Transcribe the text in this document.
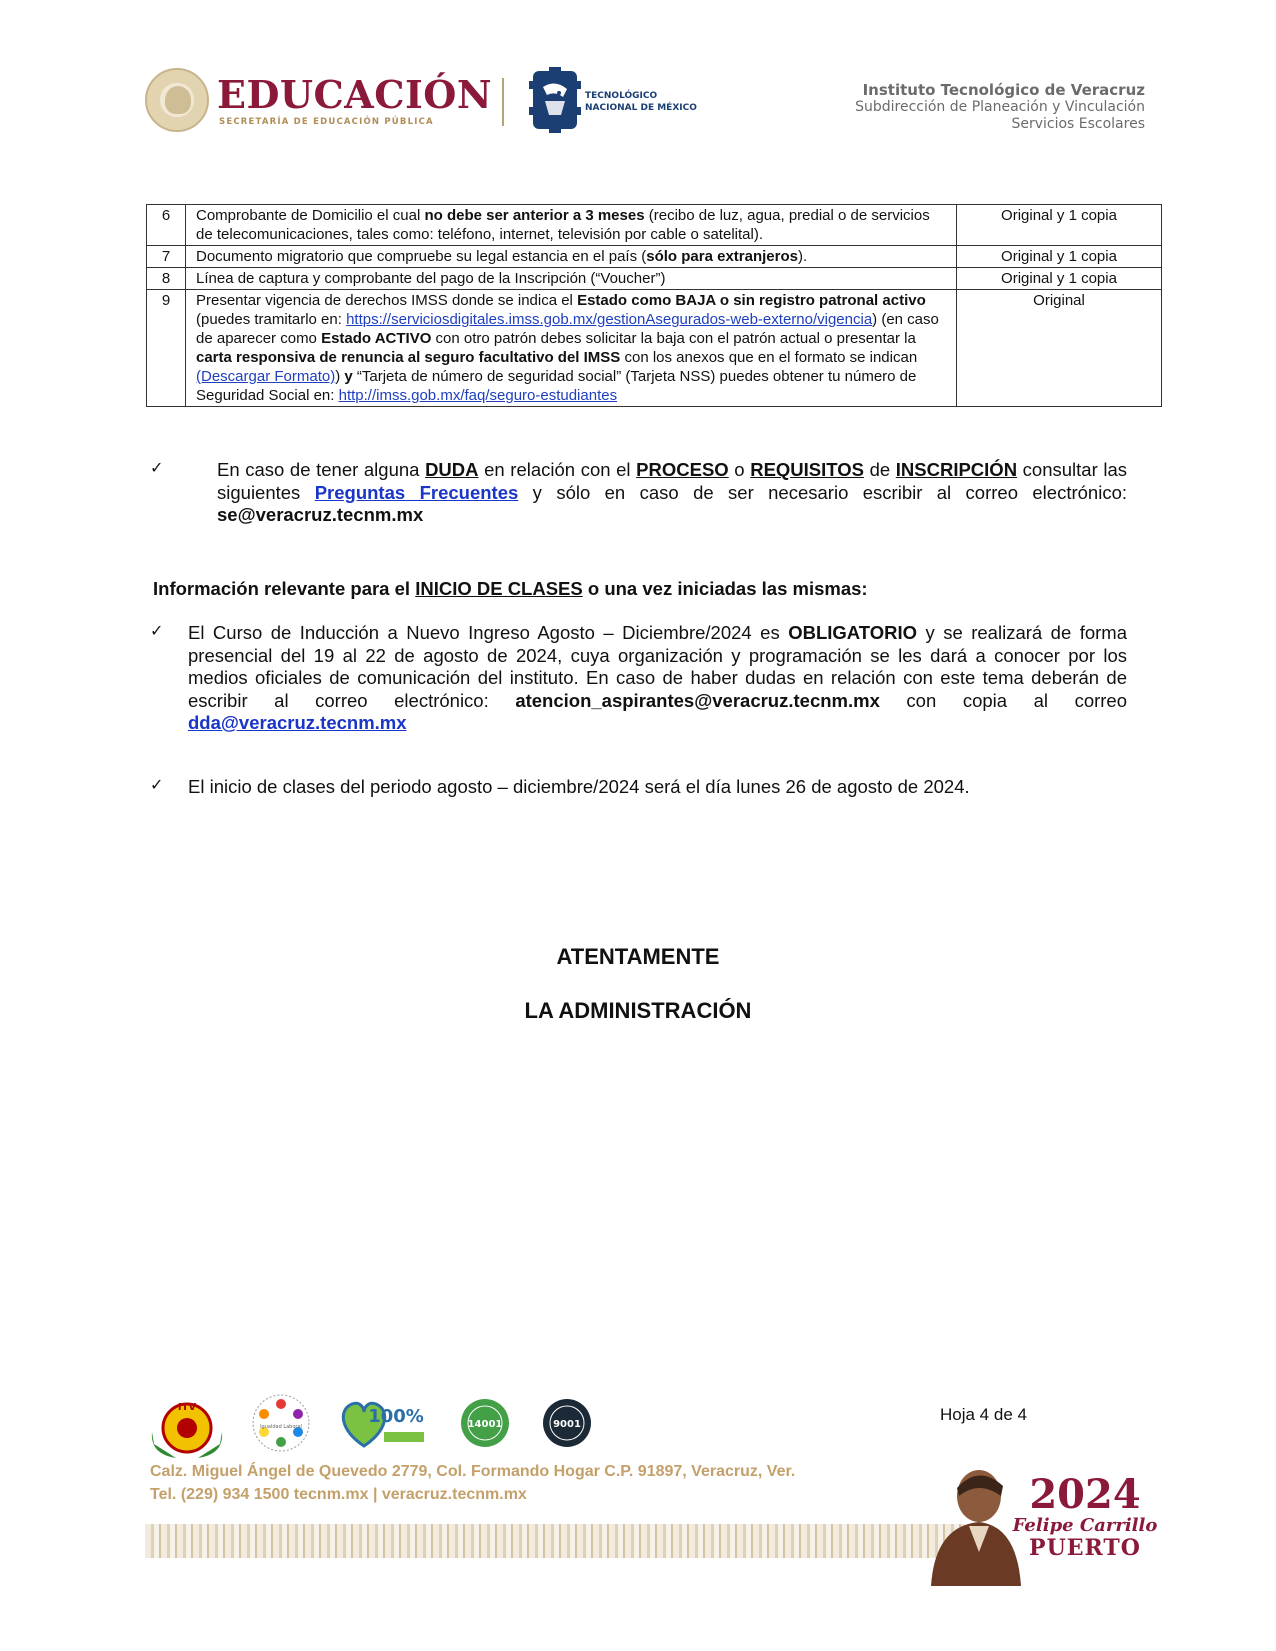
EDUCACIÓN
SECRETARÍA DE EDUCACIÓN PÚBLICA
TECNOLÓGICO
NACIONAL DE MÉXICO
Instituto Tecnológico de Veracruz
Subdirección de Planeación y Vinculación
Servicios Escolares
6	Comprobante de Domicilio el cual no debe ser anterior a 3 meses (recibo de luz, agua, predial o de servicios de telecomunicaciones, tales como: teléfono, internet, televisión por cable o satelital).	Original y 1 copia
7	Documento migratorio que compruebe su legal estancia en el país (sólo para extranjeros).	Original y 1 copia
8	Línea de captura y comprobante del pago de la Inscripción (“Voucher”)	Original y 1 copia
9	Presentar vigencia de derechos IMSS donde se indica el Estado como BAJA o sin registro patronal activo (puedes tramitarlo en: https://serviciosdigitales.imss.gob.mx/gestionAsegurados-web-externo/vigencia) (en caso de aparecer como Estado ACTIVO con otro patrón debes solicitar la baja con el patrón actual o presentar la carta responsiva de renuncia al seguro facultativo del IMSS con los anexos que en el formato se indican (Descargar Formato)) y “Tarjeta de número de seguridad social” (Tarjeta NSS) puedes obtener tu número de Seguridad Social en: http://imss.gob.mx/faq/seguro-estudiantes	Original
✓	En caso de tener alguna DUDA en relación con el PROCESO o REQUISITOS de INSCRIPCIÓN consultar las siguientes Preguntas Frecuentes y sólo en caso de ser necesario escribir al correo electrónico: se@veracruz.tecnm.mx
Información relevante para el INICIO DE CLASES o una vez iniciadas las mismas:
✓ El Curso de Inducción a Nuevo Ingreso Agosto – Diciembre/2024 es OBLIGATORIO y se realizará de forma presencial del 19 al 22 de agosto de 2024, cuya organización y programación se les dará a conocer por los medios oficiales de comunicación del instituto. En caso de haber dudas en relación con este tema deberán de escribir al correo electrónico: atencion_aspirantes@veracruz.tecnm.mx con copia al correo dda@veracruz.tecnm.mx
✓ El inicio de clases del periodo agosto – diciembre/2024 será el día lunes 26 de agosto de 2024.
ATENTAMENTE
LA ADMINISTRACIÓN
ITV
Igualdad Laboral	100%	14001	9001
Hoja 4 de 4
Calz. Miguel Ángel de Quevedo 2779, Col. Formando Hogar C.P. 91897, Veracruz, Ver.
Tel. (229) 934 1500 tecnm.mx | veracruz.tecnm.mx	2024
Felipe Carrillo
PUERTO
